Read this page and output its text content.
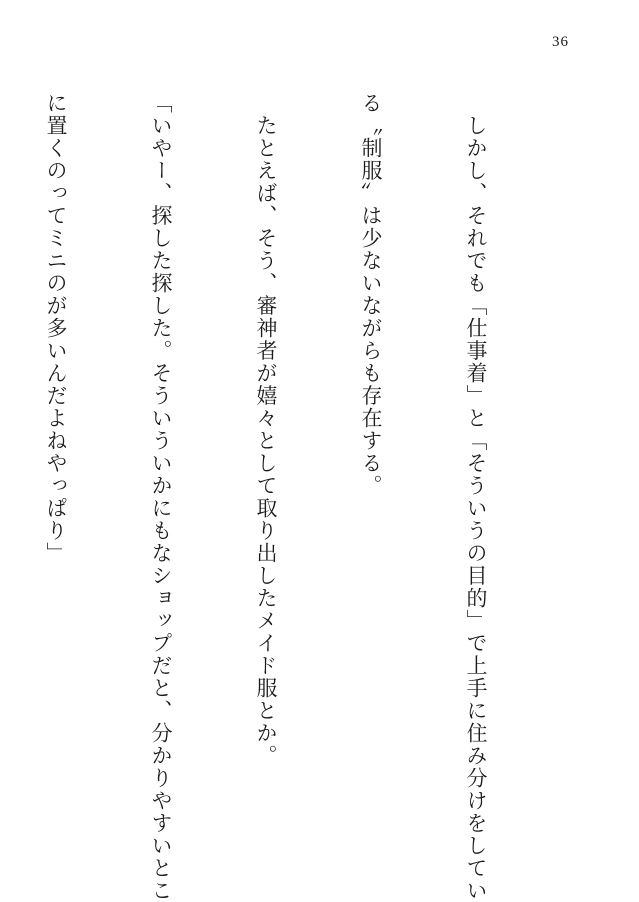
36

　しかし、それでも「仕事着」と「そういうの目的」で上手に住み分けをしてい

る〝制服〟は少ないながらも存在する。

　たとえば、そう、審神者が嬉々として取り出したメイド服とか。

「いやー、探した探した。そういういかにもなショップだと、分かりやすいとこ

に置くのってミニのが多いんだよねやっぱり」
